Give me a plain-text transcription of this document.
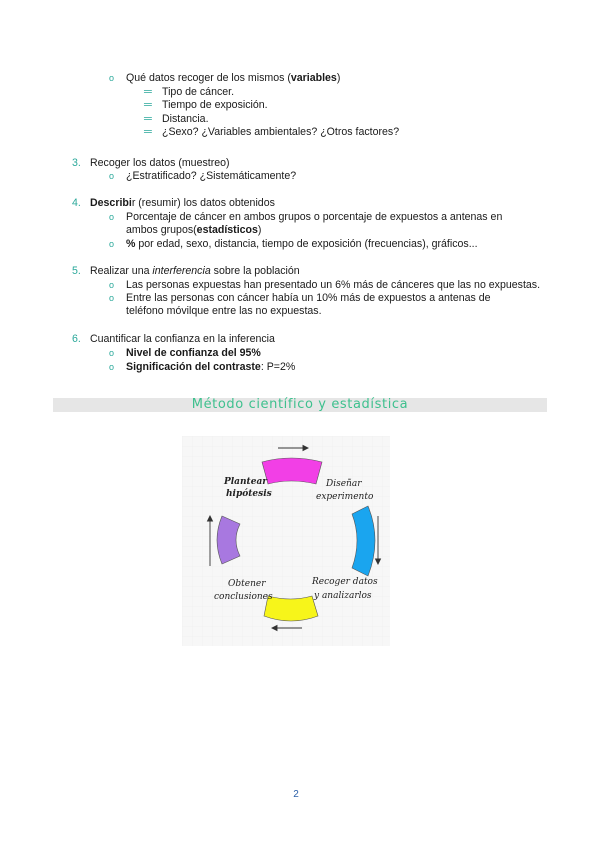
o Qué datos recoger de los mismos (variables)
═ Tipo de cáncer.
═ Tiempo de exposición.
═ Distancia.
═ ¿Sexo? ¿Variables ambientales? ¿Otros factores?
3. Recoger los datos (muestreo)
o ¿Estratificado? ¿Sistemáticamente?
4. Describir (resumir) los datos obtenidos
o Porcentaje de cáncer en ambos grupos o porcentaje de expuestos a antenas en
ambos grupos(estadísticos)
o % por edad, sexo, distancia, tiempo de exposición (frecuencias), gráficos...
5. Realizar una interferencia sobre la población
o Las personas expuestas han presentado un 6% más de cánceres que las no expuestas.
o Entre las personas con cáncer había un 10% más de expuestos a antenas de
teléfono móvilque entre las no expuestas.
6. Cuantificar la confianza en la inferencia
o Nivel de confianza del 95%
o Significación del contraste: P=2%
Método científico y estadística
Plantear
hipótesis
Diseñar
experimento
Recoger datos
y analizarlos
Obtener
conclusiones
2
